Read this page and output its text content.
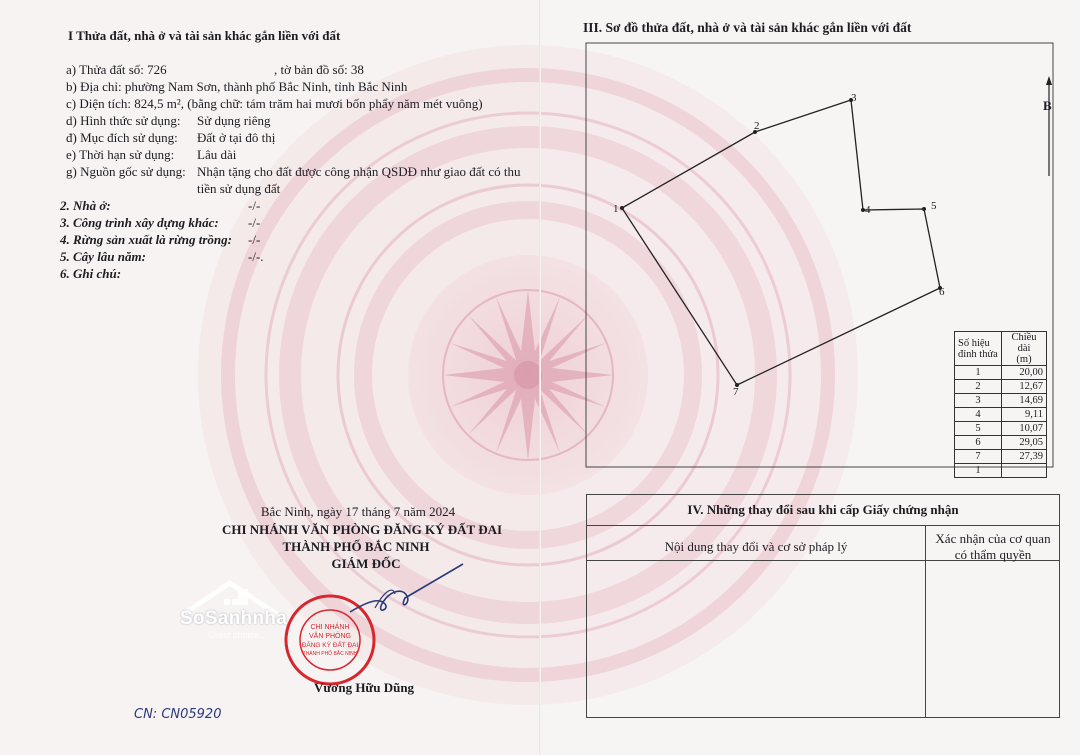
I Thửa đất, nhà ở và tài sản khác gắn liền với đất
a) Thửa đất số: 726	, tờ bản đồ số: 38
b) Địa chỉ: phường Nam Sơn, thành phố Bắc Ninh, tỉnh Bắc Ninh
c) Diện tích: 824,5 m², (bằng chữ: tám trăm hai mươi bốn phẩy năm mét vuông)
d) Hình thức sử dụng: Sử dụng riêng
đ) Mục đích sử dụng: Đất ở tại đô thị
e) Thời hạn sử dụng: Lâu dài
g) Nguồn gốc sử dụng: Nhận tặng cho đất được công nhận QSDĐ như giao đất có thu
tiền sử dụng đất
2. Nhà ở:	-/-
3. Công trình xây dựng khác: -/-
4. Rừng sản xuất là rừng trồng: -/-
5. Cây lâu năm:	-/-.
6. Ghi chú:
Bắc Ninh, ngày 17 tháng 7 năm 2024
CHI NHÁNH VĂN PHÒNG ĐĂNG KÝ ĐẤT ĐAI
THÀNH PHỐ BẮC NINH
GIÁM ĐỐC
SoSanhnha
Great choice...
CHI NHÁNH
VĂN PHÒNG
ĐĂNG KÝ ĐẤT ĐAI
THÀNH PHỐ BẮC NINH
Vương Hữu Dũng
CN: CN05920
III. Sơ đồ thửa đất, nhà ở và tài sản khác gắn liền với đất
B
1
2
3
4	5
6
7
Số hiệu
đỉnh thửa	Chiều dài
(m)
1	20,00
2	12,67
3	14,69
4	9,11
5	10,07
6	29,05
7	27,39
1	
IV. Những thay đổi sau khi cấp Giấy chứng nhận
Nội dung thay đổi và cơ sở pháp lý
Xác nhận của cơ quan
có thẩm quyền
